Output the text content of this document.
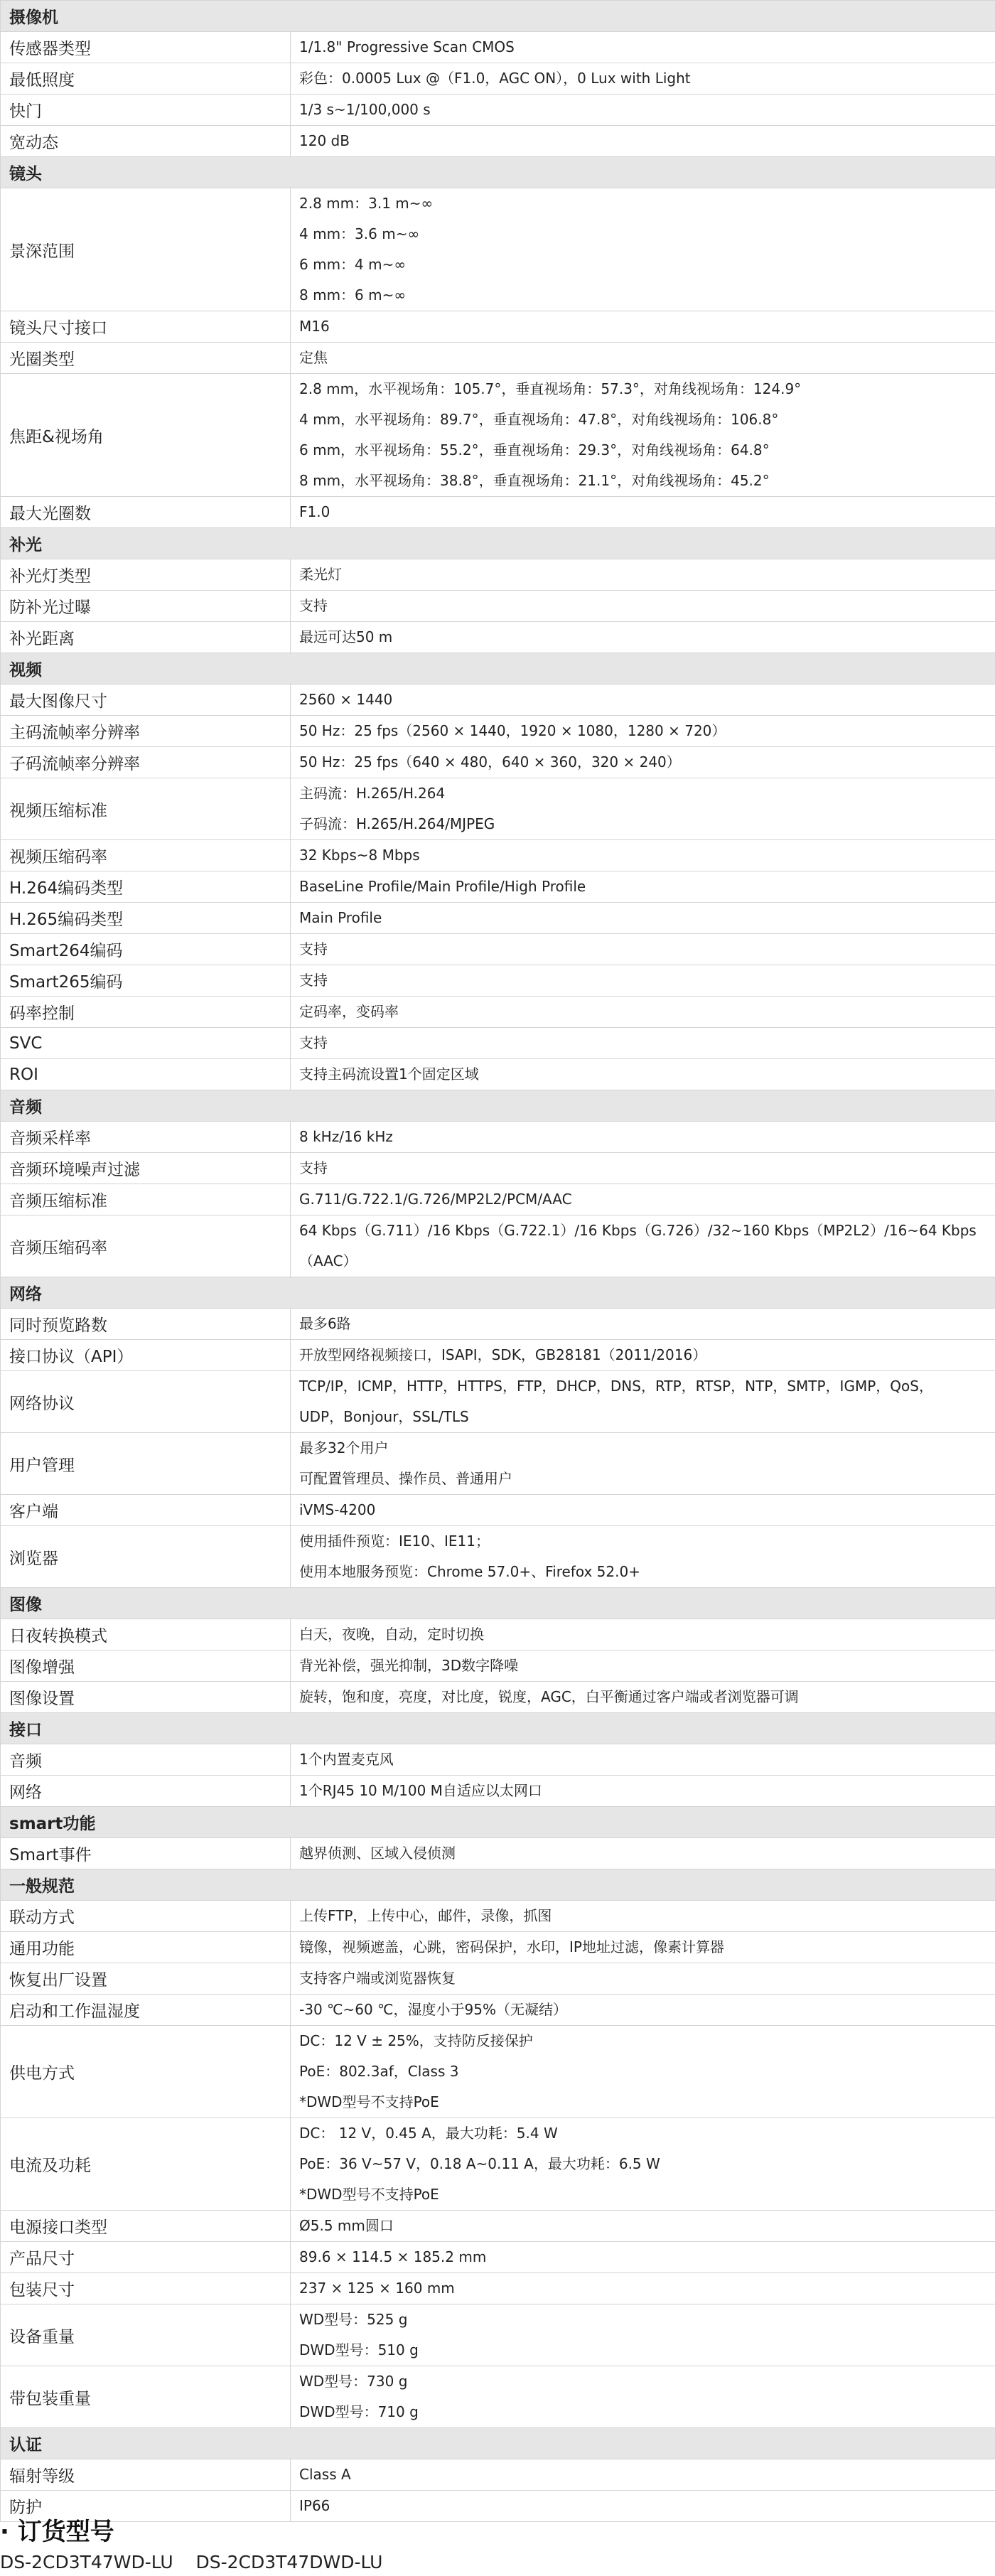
摄像机	
传感器类型	1/1.8" Progressive Scan CMOS

最低照度	彩色：0.0005 Lux @（F1.0，AGC ON），0 Lux with Light

快门	1/3 s~1/100,000 s

宽动态	120 dB

镜头	
景深范围	2.8 mm：3.1 m~∞
4 mm：3.6 m~∞
6 mm：4 m~∞
8 mm：6 m~∞

镜头尺寸接口	M16

光圈类型	定焦

焦距&视场角	2.8 mm，水平视场角：105.7°，垂直视场角：57.3°，对角线视场角：124.9°
4 mm，水平视场角：89.7°，垂直视场角：47.8°，对角线视场角：106.8°
6 mm，水平视场角：55.2°，垂直视场角：29.3°，对角线视场角：64.8°
8 mm，水平视场角：38.8°，垂直视场角：21.1°，对角线视场角：45.2°

最大光圈数	F1.0

补光	
补光灯类型	柔光灯

防补光过曝	支持

补光距离	最远可达50 m

视频	
最大图像尺寸	2560 × 1440

主码流帧率分辨率	50 Hz：25 fps（2560 × 1440，1920 × 1080，1280 × 720）

子码流帧率分辨率	50 Hz：25 fps（640 × 480，640 × 360，320 × 240）

视频压缩标准	主码流：H.265/H.264
子码流：H.265/H.264/MJPEG

视频压缩码率	32 Kbps~8 Mbps

H.264编码类型	BaseLine Profile/Main Profile/High Profile

H.265编码类型	Main Profile

Smart264编码	支持

Smart265编码	支持

码率控制	定码率，变码率

SVC	支持

ROI	支持主码流设置1个固定区域

音频	
音频采样率	8 kHz/16 kHz

音频环境噪声过滤	支持

音频压缩标准	G.711/G.722.1/G.726/MP2L2/PCM/AAC

音频压缩码率	64 Kbps（G.711）/16 Kbps（G.722.1）/16 Kbps（G.726）/32~160 Kbps（MP2L2）/16~64 Kbps
（AAC）

网络	
同时预览路数	最多6路

接口协议（API）	开放型网络视频接口，ISAPI，SDK，GB28181（2011/2016）

网络协议	TCP/IP，ICMP，HTTP，HTTPS，FTP，DHCP，DNS，RTP，RTSP，NTP，SMTP，IGMP，QoS，
UDP，Bonjour，SSL/TLS

用户管理	最多32个用户
可配置管理员、操作员、普通用户

客户端	iVMS-4200

浏览器	使用插件预览：IE10、IE11；
使用本地服务预览：Chrome 57.0+、Firefox 52.0+

图像	
日夜转换模式	白天，夜晚，自动，定时切换

图像增强	背光补偿，强光抑制，3D数字降噪

图像设置	旋转，饱和度，亮度，对比度，锐度，AGC，白平衡通过客户端或者浏览器可调

接口	
音频	1个内置麦克风

网络	1个RJ45 10 M/100 M自适应以太网口

smart功能	
Smart事件	越界侦测、区域入侵侦测

一般规范	
联动方式	上传FTP，上传中心，邮件，录像，抓图

通用功能	镜像，视频遮盖，心跳，密码保护，水印，IP地址过滤，像素计算器

恢复出厂设置	支持客户端或浏览器恢复

启动和工作温湿度	-30 ℃~60 ℃，湿度小于95%（无凝结）

供电方式	DC：12 V ± 25%，支持防反接保护
PoE：802.3af，Class 3
*DWD型号不支持PoE

电流及功耗	DC： 12 V，0.45 A，最大功耗：5.4 W
PoE：36 V~57 V，0.18 A~0.11 A，最大功耗：6.5 W
*DWD型号不支持PoE

电源接口类型	Ø5.5 mm圆口

产品尺寸	89.6 × 114.5 × 185.2 mm

包装尺寸	237 × 125 × 160 mm

设备重量	WD型号：525 g
DWD型号：510 g

带包装重量	WD型号：730 g
DWD型号：710 g

认证	
辐射等级	Class A

防护	IP66
· 订货型号
DS-2CD3T47WD-LU    DS-2CD3T47DWD-LU
